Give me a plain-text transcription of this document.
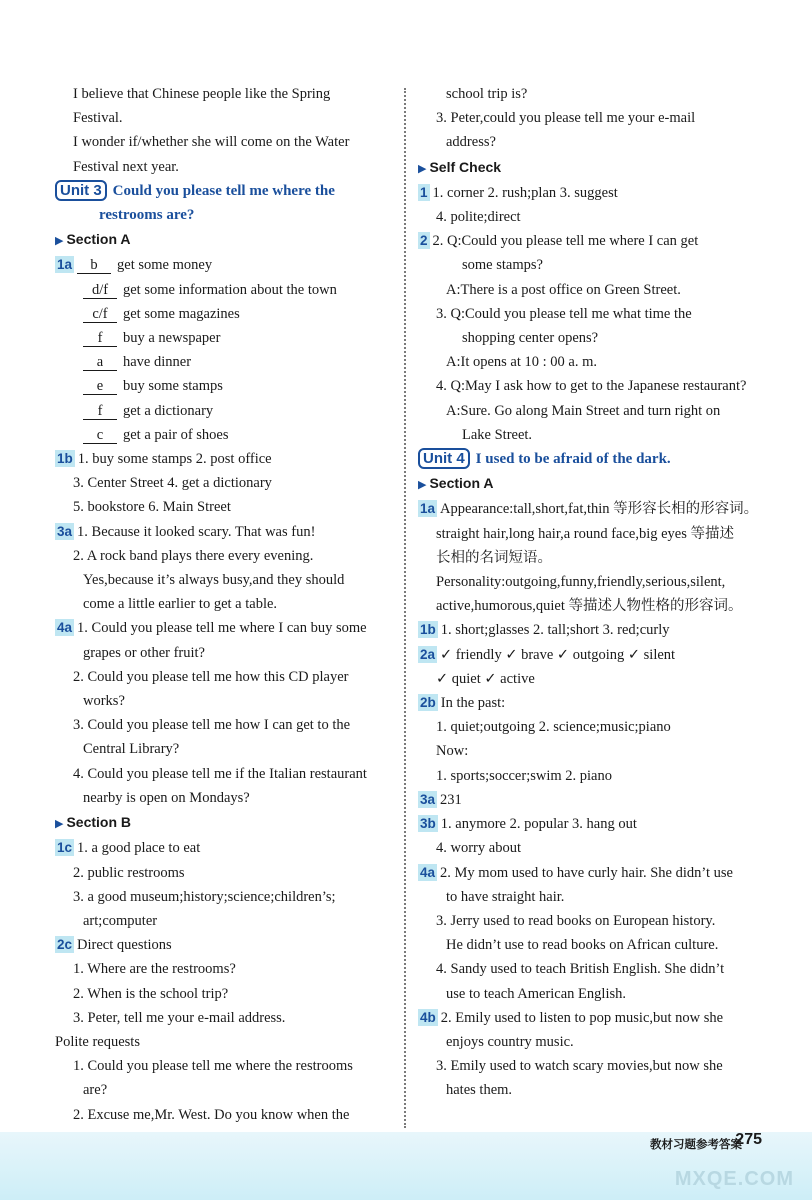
I believe that Chinese people like the Spring
Festival.
I wonder if/whether she will come on the Water
Festival next year.
Unit 3 Could you please tell me where the
restrooms are?
▶ Section A
1a b get some money
d/f get some information about the town
c/f get some magazines
f buy a newspaper
a have dinner
e buy some stamps
f get a dictionary
c get a pair of shoes
1b 1. buy some stamps 2. post office
3. Center Street 4. get a dictionary
5. bookstore 6. Main Street
3a 1. Because it looked scary. That was fun!
2. A rock band plays there every evening.
Yes,because it’s always busy,and they should
come a little earlier to get a table.
4a 1. Could you please tell me where I can buy some
grapes or other fruit?
2. Could you please tell me how this CD player
works?
3. Could you please tell me how I can get to the
Central Library?
4. Could you please tell me if the Italian restaurant
nearby is open on Mondays?
▶ Section B
1c 1. a good place to eat
2. public restrooms
3. a good museum;history;science;children’s;
art;computer
2c Direct questions
1. Where are the restrooms?
2. When is the school trip?
3. Peter, tell me your e-mail address.
Polite requests
1. Could you please tell me where the restrooms
are?
2. Excuse me,Mr. West. Do you know when the
school trip is?
3. Peter,could you please tell me your e-mail
address?
▶ Self Check
1 1. corner 2. rush;plan 3. suggest
4. polite;direct
2 2. Q:Could you please tell me where I can get
some stamps?
A:There is a post office on Green Street.
3. Q:Could you please tell me what time the
shopping center opens?
A:It opens at 10 : 00 a. m.
4. Q:May I ask how to get to the Japanese restaurant?
A:Sure. Go along Main Street and turn right on
Lake Street.
Unit 4 I used to be afraid of the dark.
▶ Section A
1a Appearance:tall,short,fat,thin 等形容长相的形容词。
straight hair,long hair,a round face,big eyes 等描述
长相的名词短语。
Personality:outgoing,funny,friendly,serious,silent,
active,humorous,quiet 等描述人物性格的形容词。
1b 1. short;glasses 2. tall;short 3. red;curly
2a ✓ friendly ✓ brave ✓ outgoing ✓ silent
✓ quiet ✓ active
2b In the past:
1. quiet;outgoing 2. science;music;piano
Now:
1. sports;soccer;swim 2. piano
3a 231
3b 1. anymore 2. popular 3. hang out
4. worry about
4a 2. My mom used to have curly hair. She didn’t use
to have straight hair.
3. Jerry used to read books on European history.
He didn’t use to read books on African culture.
4. Sandy used to teach British English. She didn’t
use to teach American English.
4b 2. Emily used to listen to pop music,but now she
enjoys country music.
3. Emily used to watch scary movies,but now she
hates them.
教材习题参考答案
275
MXQE.COM
